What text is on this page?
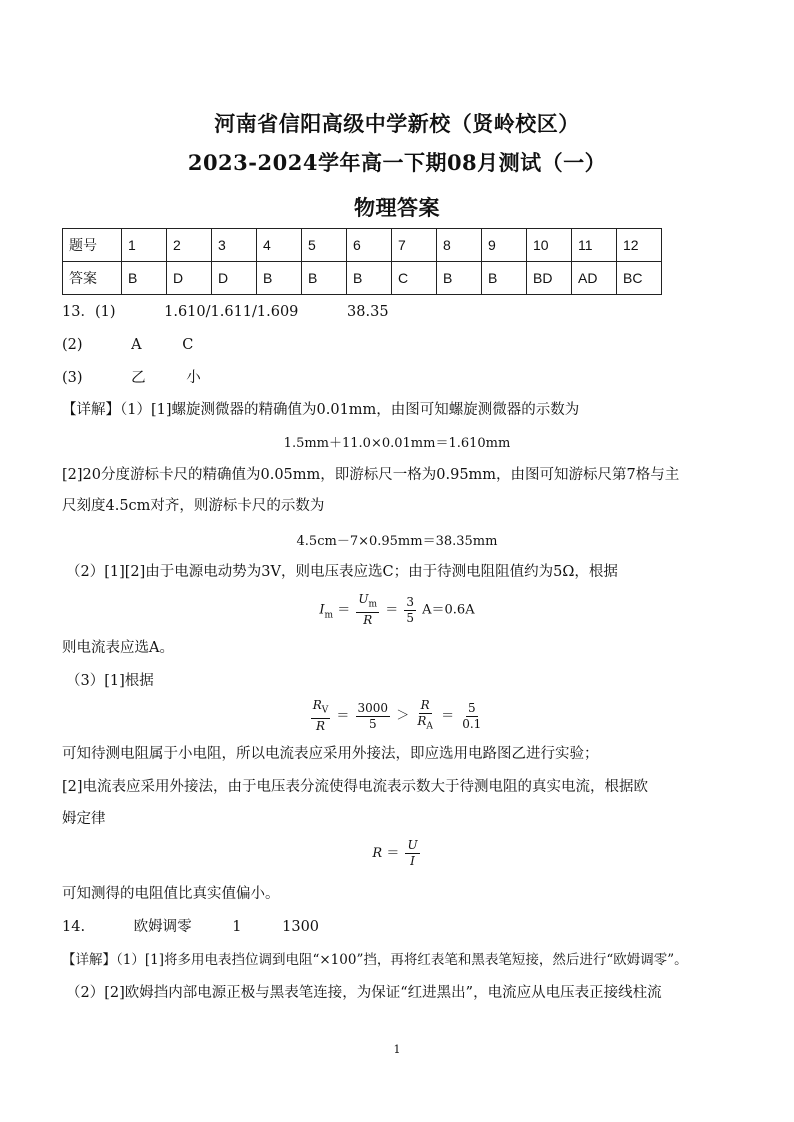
河南省信阳高级中学新校（贤岭校区）
2023-2024学年高一下期08月测试（一）
物理答案
题号	1	2	3	4	5	6	7	8	9	10	11	12
答案	B	D	D	B	B	B	C	B	B	BD	AD	BC
13．(1)	1.610/1.611/1.609	38.35
(2)	A	C
(3)	乙	小
【详解】（1）[1]螺旋测微器的精确值为0.01mm，由图可知螺旋测微器的示数为
1.5mm＋11.0×0.01mm＝1.610mm
[2]20分度游标卡尺的精确值为0.05mm，即游标尺一格为0.95mm，由图可知游标尺第7格与主
尺刻度4.5cm对齐，则游标卡尺的示数为
4.5cm－7×0.95mm＝38.35mm
（2）[1][2]由于电源电动势为3V，则电压表应选C；由于待测电阻阻值约为5Ω，根据
$I_m = \frac{U_m}{R} = \frac{3}{5} A=0.6A$
则电流表应选A。
（3）[1]根据
$\frac{R_V}{R} = \frac{3000}{5} > \frac{R}{R_A} = \frac{5}{0.1}$
可知待测电阻属于小电阻，所以电流表应采用外接法，即应选用电路图乙进行实验；
[2]电流表应采用外接法，由于电压表分流使得电流表示数大于待测电阻的真实电流，根据欧
姆定律
$R = \frac{U}{I}$
可知测得的电阻值比真实值偏小。
14.	欧姆调零	1	1300
【详解】（1）[1]将多用电表挡位调到电阻“×100”挡，再将红表笔和黑表笔短接，然后进行“欧姆调零”。
（2）[2]欧姆挡内部电源正极与黑表笔连接，为保证“红进黑出”，电流应从电压表正接线柱流
1
